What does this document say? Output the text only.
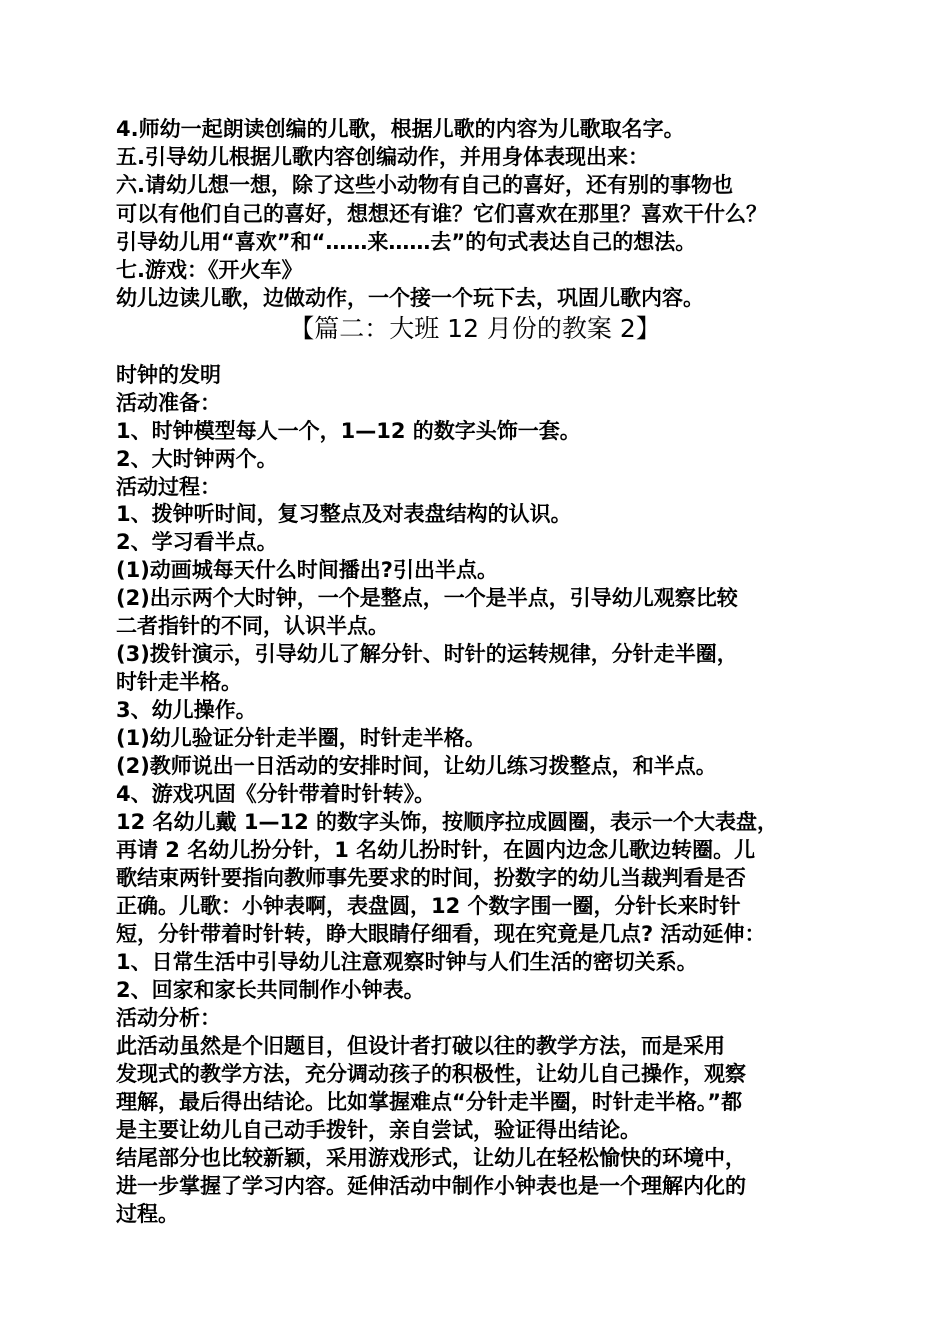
4.师幼一起朗读创编的儿歌，根据儿歌的内容为儿歌取名字。
五.引导幼儿根据儿歌内容创编动作，并用身体表现出来：
六.请幼儿想一想，除了这些小动物有自己的喜好，还有别的事物也
可以有他们自己的喜好，想想还有谁？它们喜欢在那里？喜欢干什么？
引导幼儿用“喜欢”和“……来……去”的句式表达自己的想法。
七.游戏：《开火车》
幼儿边读儿歌，边做动作，一个接一个玩下去，巩固儿歌内容。
【篇二：大班 12 月份的教案 2】
时钟的发明
活动准备：
1、时钟模型每人一个，1—12 的数字头饰一套。
2、大时钟两个。
活动过程：
1、拨钟听时间，复习整点及对表盘结构的认识。
2、学习看半点。
(1)动画城每天什么时间播出?引出半点。
(2)出示两个大时钟，一个是整点，一个是半点，引导幼儿观察比较
二者指针的不同，认识半点。
(3)拨针演示，引导幼儿了解分针、时针的运转规律，分针走半圈，
时针走半格。
3、幼儿操作。
(1)幼儿验证分针走半圈，时针走半格。
(2)教师说出一日活动的安排时间，让幼儿练习拨整点，和半点。
4、游戏巩固《分针带着时针转》。
12 名幼儿戴 1—12 的数字头饰，按顺序拉成圆圈，表示一个大表盘，
再请 2 名幼儿扮分针，1 名幼儿扮时针，在圆内边念儿歌边转圈。儿
歌结束两针要指向教师事先要求的时间，扮数字的幼儿当裁判看是否
正确。儿歌：小钟表啊，表盘圆，12 个数字围一圈，分针长来时针
短，分针带着时针转，睁大眼睛仔细看，现在究竟是几点? 活动延伸：
1、日常生活中引导幼儿注意观察时钟与人们生活的密切关系。
2、回家和家长共同制作小钟表。
活动分析：
此活动虽然是个旧题目，但设计者打破以往的教学方法，而是采用
发现式的教学方法，充分调动孩子的积极性，让幼儿自己操作，观察
理解，最后得出结论。比如掌握难点“分针走半圈，时针走半格。”都
是主要让幼儿自己动手拨针，亲自尝试，验证得出结论。
结尾部分也比较新颖，采用游戏形式，让幼儿在轻松愉快的环境中，
进一步掌握了学习内容。延伸活动中制作小钟表也是一个理解内化的
过程。
